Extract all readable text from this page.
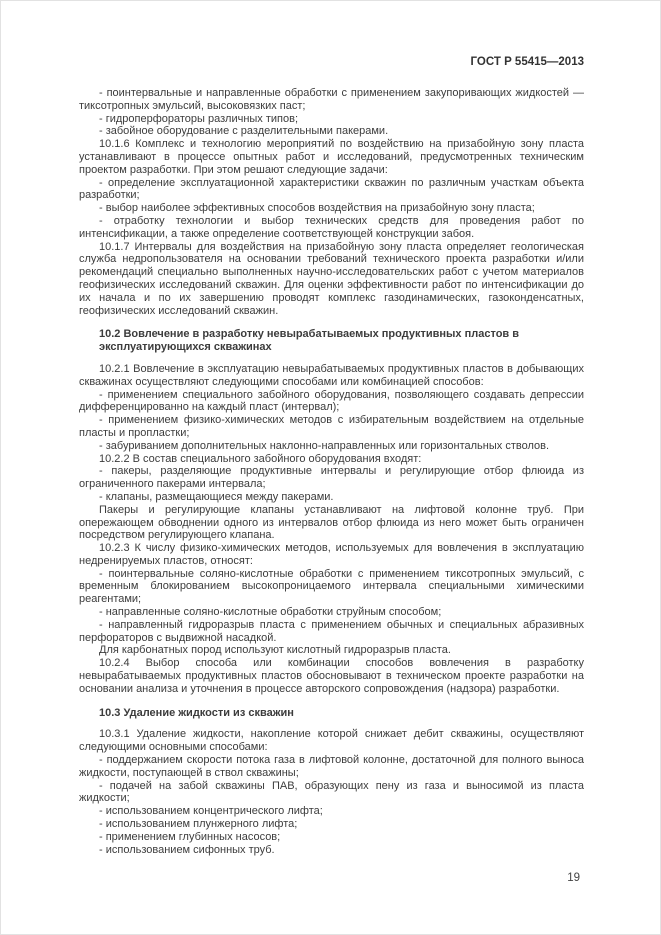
ГОСТ Р 55415—2013

- поинтервальные и направленные обработки с применением закупоривающих жидкостей — тиксотропных эмульсий, высоковязких паст;

- гидроперфораторы различных типов;

- забойное оборудование с разделительными пакерами.

10.1.6 Комплекс и технологию мероприятий по воздействию на призабойную зону пласта устанавливают в процессе опытных работ и исследований, предусмотренных техническим проектом разработки. При этом решают следующие задачи:

- определение эксплуатационной характеристики скважин по различным участкам объекта разработки;

- выбор наиболее эффективных способов воздействия на призабойную зону пласта;

- отработку технологии и выбор технических средств для проведения работ по интенсификации, а также определение соответствующей конструкции забоя.

10.1.7 Интервалы для воздействия на призабойную зону пласта определяет геологическая служба недропользователя на основании требований технического проекта разработки и/или рекомендаций специально выполненных научно-исследовательских работ с учетом материалов геофизических исследований скважин. Для оценки эффективности работ по интенсификации до их начала и по их завершению проводят комплекс газодинамических, газоконденсатных, геофизических исследований скважин.

10.2 Вовлечение в разработку невырабатываемых продуктивных пластов в эксплуатирующихся скважинах

10.2.1 Вовлечение в эксплуатацию невырабатываемых продуктивных пластов в добывающих скважинах осуществляют следующими способами или комбинацией способов:

- применением специального забойного оборудования, позволяющего создавать депрессии дифференцированно на каждый пласт (интервал);

- применением физико-химических методов с избирательным воздействием на отдельные пласты и пропластки;

- забуриванием дополнительных наклонно-направленных или горизонтальных стволов.

10.2.2 В состав специального забойного оборудования входят:

- пакеры, разделяющие продуктивные интервалы и регулирующие отбор флюида из ограниченного пакерами интервала;

- клапаны, размещающиеся между пакерами.

Пакеры и регулирующие клапаны устанавливают на лифтовой колонне труб. При опережающем обводнении одного из интервалов отбор флюида из него может быть ограничен посредством регулирующего клапана.

10.2.3 К числу физико-химических методов, используемых для вовлечения в эксплуатацию недренируемых пластов, относят:

- поинтервальные соляно-кислотные обработки с применением тиксотропных эмульсий, с временным блокированием высокопроницаемого интервала специальными химическими реагентами;

- направленные соляно-кислотные обработки струйным способом;

- направленный гидроразрыв пласта с применением обычных и специальных абразивных перфораторов с выдвижной насадкой.

Для карбонатных пород используют кислотный гидроразрыв пласта.

10.2.4 Выбор способа или комбинации способов вовлечения в разработку невырабатываемых продуктивных пластов обосновывают в техническом проекте разработки на основании анализа и уточнения в процессе авторского сопровождения (надзора) разработки.

10.3 Удаление жидкости из скважин

10.3.1 Удаление жидкости, накопление которой снижает дебит скважины, осуществляют следующими основными способами:

- поддержанием скорости потока газа в лифтовой колонне, достаточной для полного выноса жидкости, поступающей в ствол скважины;

- подачей на забой скважины ПАВ, образующих пену из газа и выносимой из пласта жидкости;

- использованием концентрического лифта;

- использованием плунжерного лифта;

- применением глубинных насосов;

- использованием сифонных труб.

19
